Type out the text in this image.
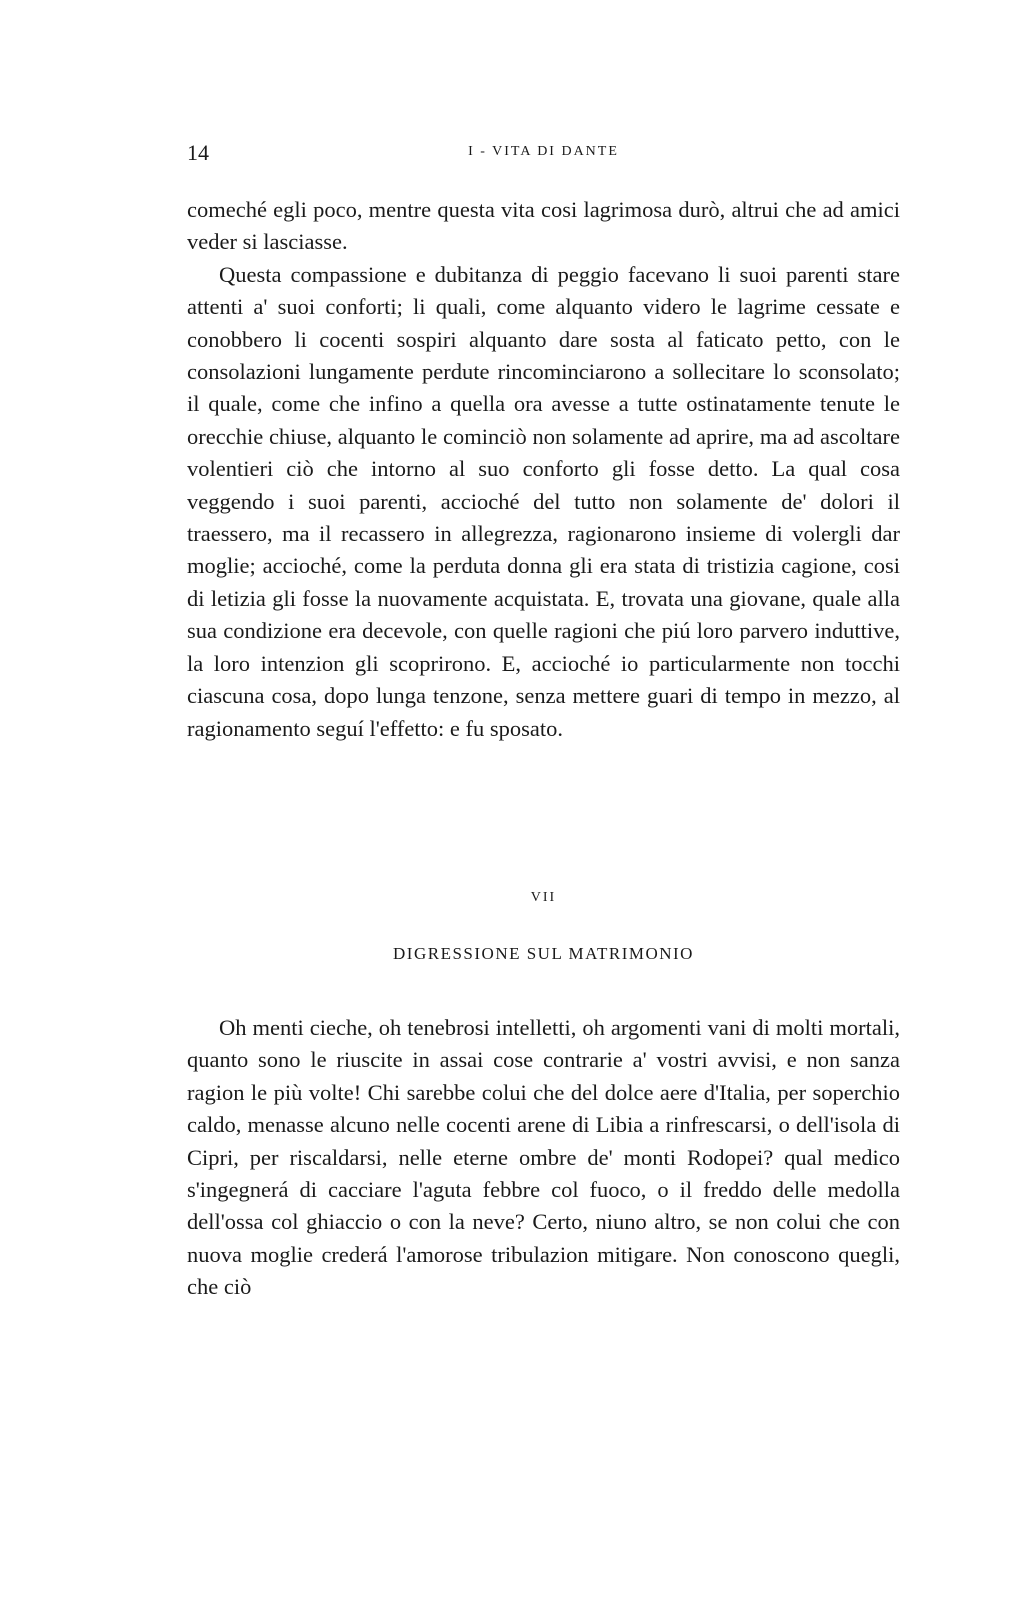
14	I - VITA DI DANTE

comeché egli poco, mentre questa vita cosi lagrimosa durò, altrui che ad amici veder si lasciasse.

Questa compassione e dubitanza di peggio facevano li suoi parenti stare attenti a' suoi conforti; li quali, come alquanto videro le lagrime cessate e conobbero li cocenti sospiri alquanto dare sosta al faticato petto, con le consolazioni lungamente perdute rincominciarono a sollecitare lo sconsolato; il quale, come che infino a quella ora avesse a tutte ostinatamente tenute le orecchie chiuse, alquanto le cominciò non solamente ad aprire, ma ad ascoltare volentieri ciò che intorno al suo conforto gli fosse detto. La qual cosa veggendo i suoi parenti, accioché del tutto non solamente de' dolori il traessero, ma il recassero in allegrezza, ragionarono insieme di volergli dar moglie; accioché, come la perduta donna gli era stata di tristizia cagione, cosi di letizia gli fosse la nuovamente acquistata. E, trovata una giovane, quale alla sua condizione era decevole, con quelle ragioni che piú loro parvero induttive, la loro intenzion gli scoprirono. E, accioché io particularmente non tocchi ciascuna cosa, dopo lunga tenzone, senza mettere guari di tempo in mezzo, al ragionamento seguí l'effetto: e fu sposato.

VII
DIGRESSIONE SUL MATRIMONIO

Oh menti cieche, oh tenebrosi intelletti, oh argomenti vani di molti mortali, quanto sono le riuscite in assai cose contrarie a' vostri avvisi, e non sanza ragion le più volte! Chi sarebbe colui che del dolce aere d'Italia, per soperchio caldo, menasse alcuno nelle cocenti arene di Libia a rinfrescarsi, o dell'isola di Cipri, per riscaldarsi, nelle eterne ombre de' monti Rodopei? qual medico s'ingegnerá di cacciare l'aguta febbre col fuoco, o il freddo delle medolla dell'ossa col ghiaccio o con la neve? Certo, niuno altro, se non colui che con nuova moglie crederá l'amorose tribulazion mitigare. Non conoscono quegli, che ciò
